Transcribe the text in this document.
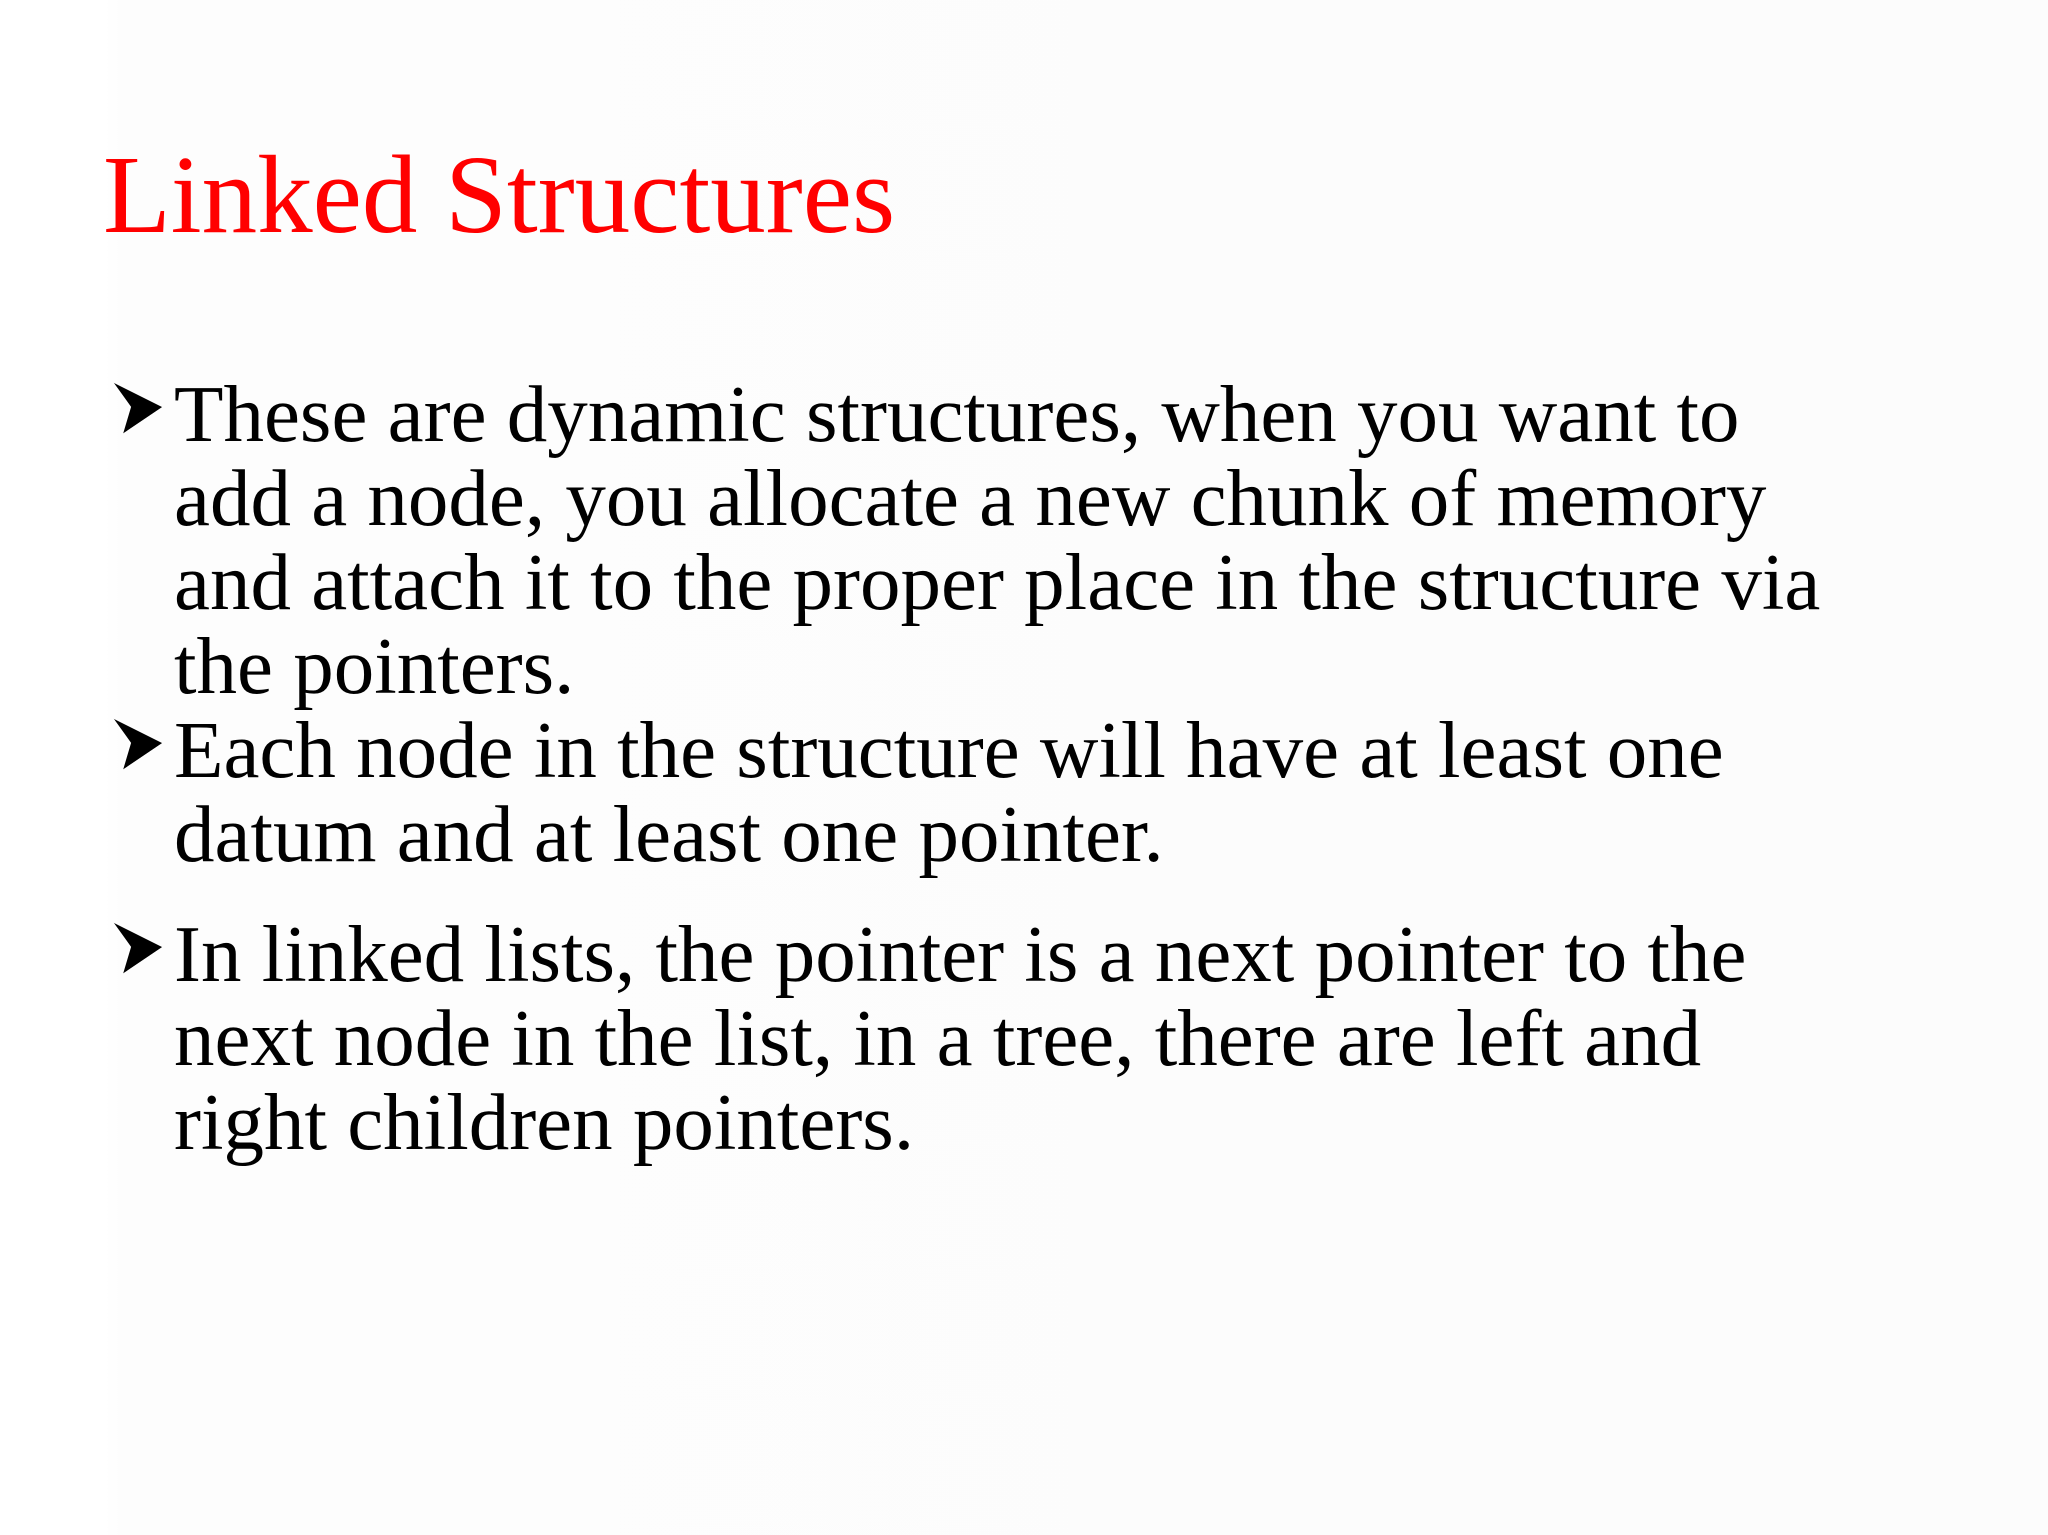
Linked Structures
These are dynamic structures, when you want to
add a node, you allocate a new chunk of memory
and attach it to the proper place in the structure via
the pointers.
Each node in the structure will have at least one
datum and at least one pointer.
In linked lists, the pointer is a next pointer to the
next node in the list, in a tree, there are left and
right children pointers.
